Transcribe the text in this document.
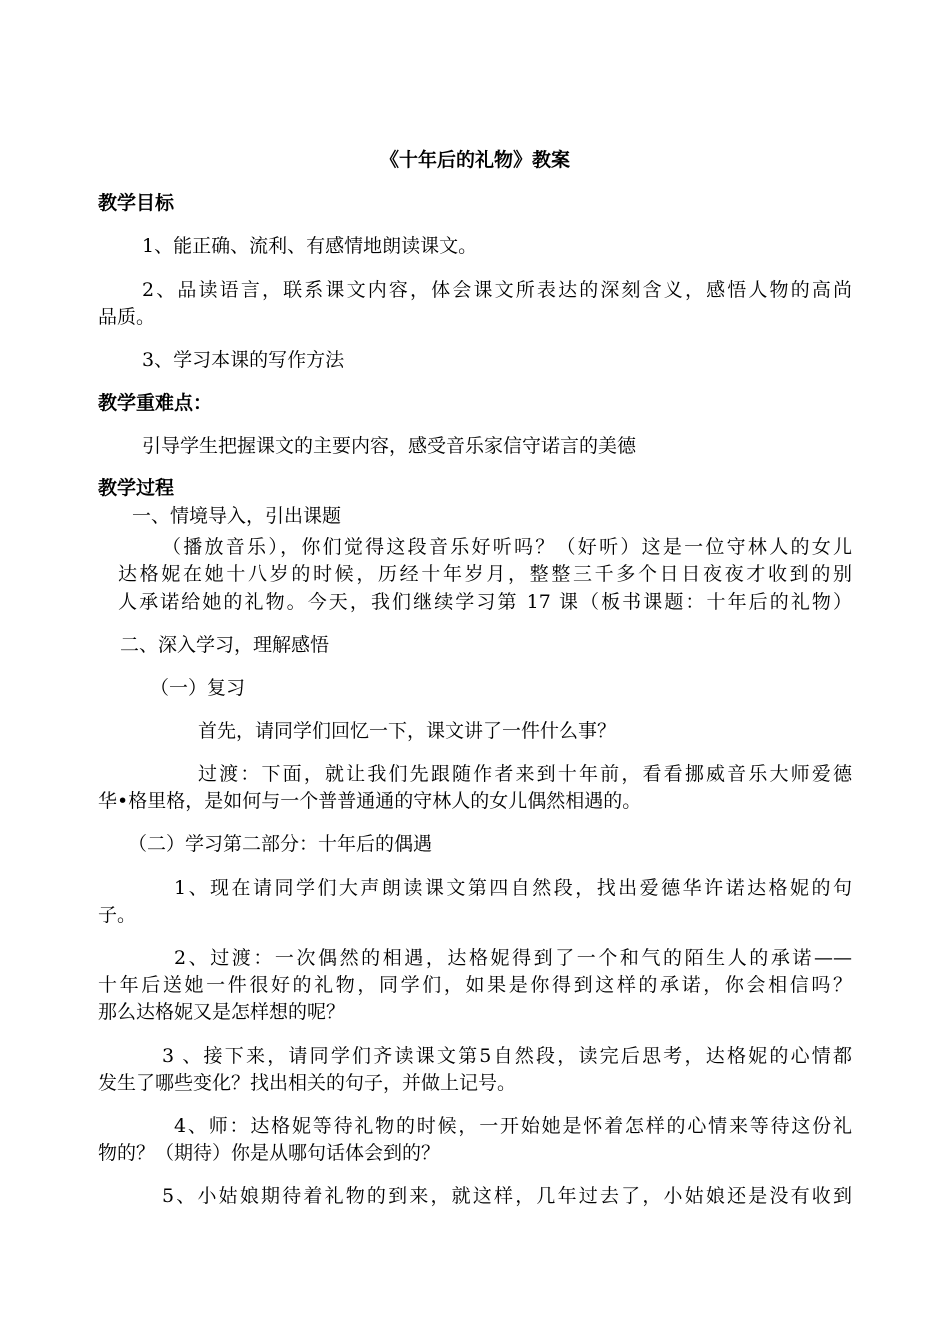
《十年后的礼物》教案
教学目标
1、能正确、流利、有感情地朗读课文。
2、品读语言，联系课文内容，体会课文所表达的深刻含义，感悟人物的高尚
品质。
3、学习本课的写作方法
教学重难点：
引导学生把握课文的主要内容，感受音乐家信守诺言的美德
教学过程
一、情境导入，引出课题
（播放音乐），你们觉得这段音乐好听吗？（好听）这是一位守林人的女儿
达格妮在她十八岁的时候，历经十年岁月，整整三千多个日日夜夜才收到的别
人承诺给她的礼物。今天，我们继续学习第 17 课（板书课题：十年后的礼物）
二、深入学习，理解感悟
（一）复习
首先，请同学们回忆一下，课文讲了一件什么事？
过渡：下面，就让我们先跟随作者来到十年前，看看挪威音乐大师爱德
华•格里格，是如何与一个普普通通的守林人的女儿偶然相遇的。
（二）学习第二部分：十年后的偶遇
1、现在请同学们大声朗读课文第四自然段，找出爱德华许诺达格妮的句
子。
2、过渡：一次偶然的相遇，达格妮得到了一个和气的陌生人的承诺——
十年后送她一件很好的礼物，同学们，如果是你得到这样的承诺，你会相信吗？
那么达格妮又是怎样想的呢？
3 、接下来，请同学们齐读课文第5自然段，读完后思考，达格妮的心情都
发生了哪些变化？找出相关的句子，并做上记号。
4、师：达格妮等待礼物的时候，一开始她是怀着怎样的心情来等待这份礼
物的？（期待）你是从哪句话体会到的？
5、小姑娘期待着礼物的到来，就这样，几年过去了，小姑娘还是没有收到
